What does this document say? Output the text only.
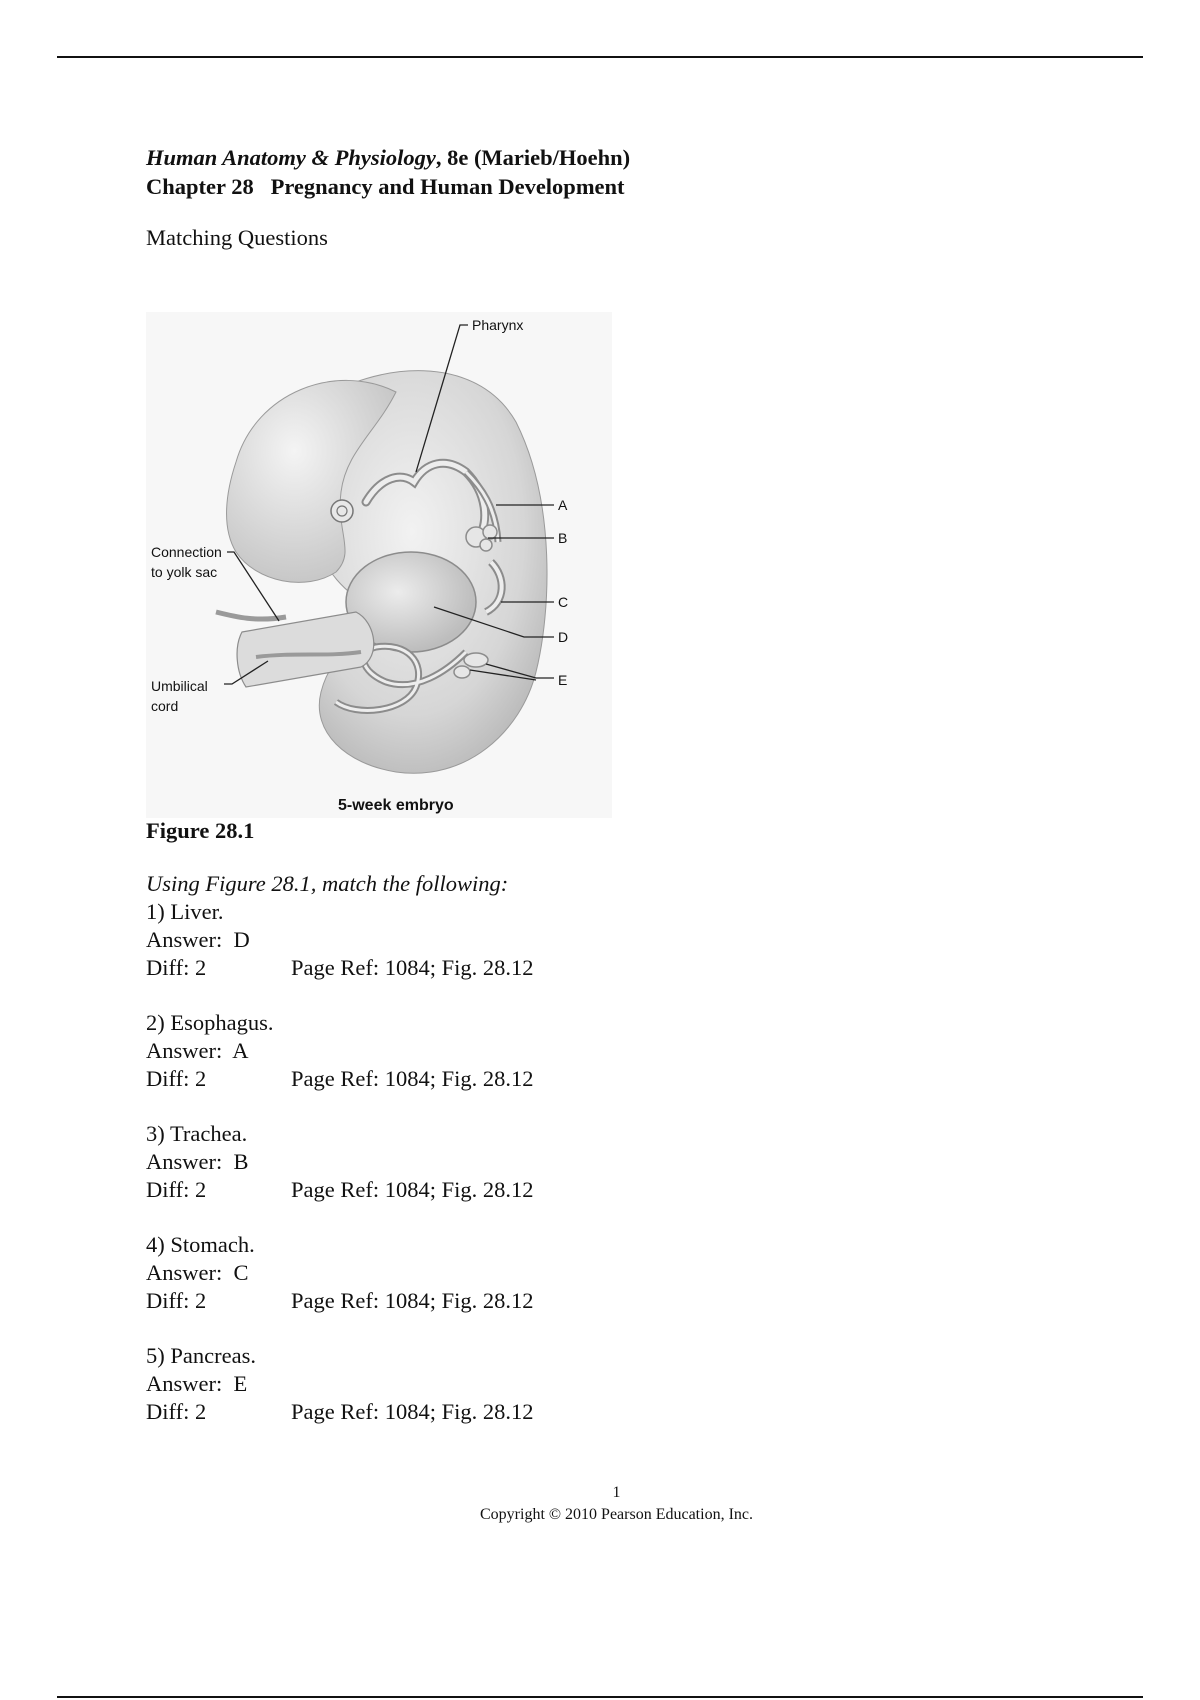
Human Anatomy & Physiology, 8e (Marieb/Hoehn)

Chapter 28   Pregnancy and Human Development

Matching Questions
Pharynx
A
B
C
D
E
Connection
to yolk sac
Umbilical
cord
5-week embryo
Figure 28.1
Using Figure 28.1, match the following:
1) Liver.
Answer:  D
Diff: 2	Page Ref: 1084; Fig. 28.12
2) Esophagus.
Answer:  A
Diff: 2	Page Ref: 1084; Fig. 28.12
3) Trachea.
Answer:  B
Diff: 2	Page Ref: 1084; Fig. 28.12
4) Stomach.
Answer:  C
Diff: 2	Page Ref: 1084; Fig. 28.12
5) Pancreas.
Answer:  E
Diff: 2	Page Ref: 1084; Fig. 28.12
1
Copyright © 2010 Pearson Education, Inc.
